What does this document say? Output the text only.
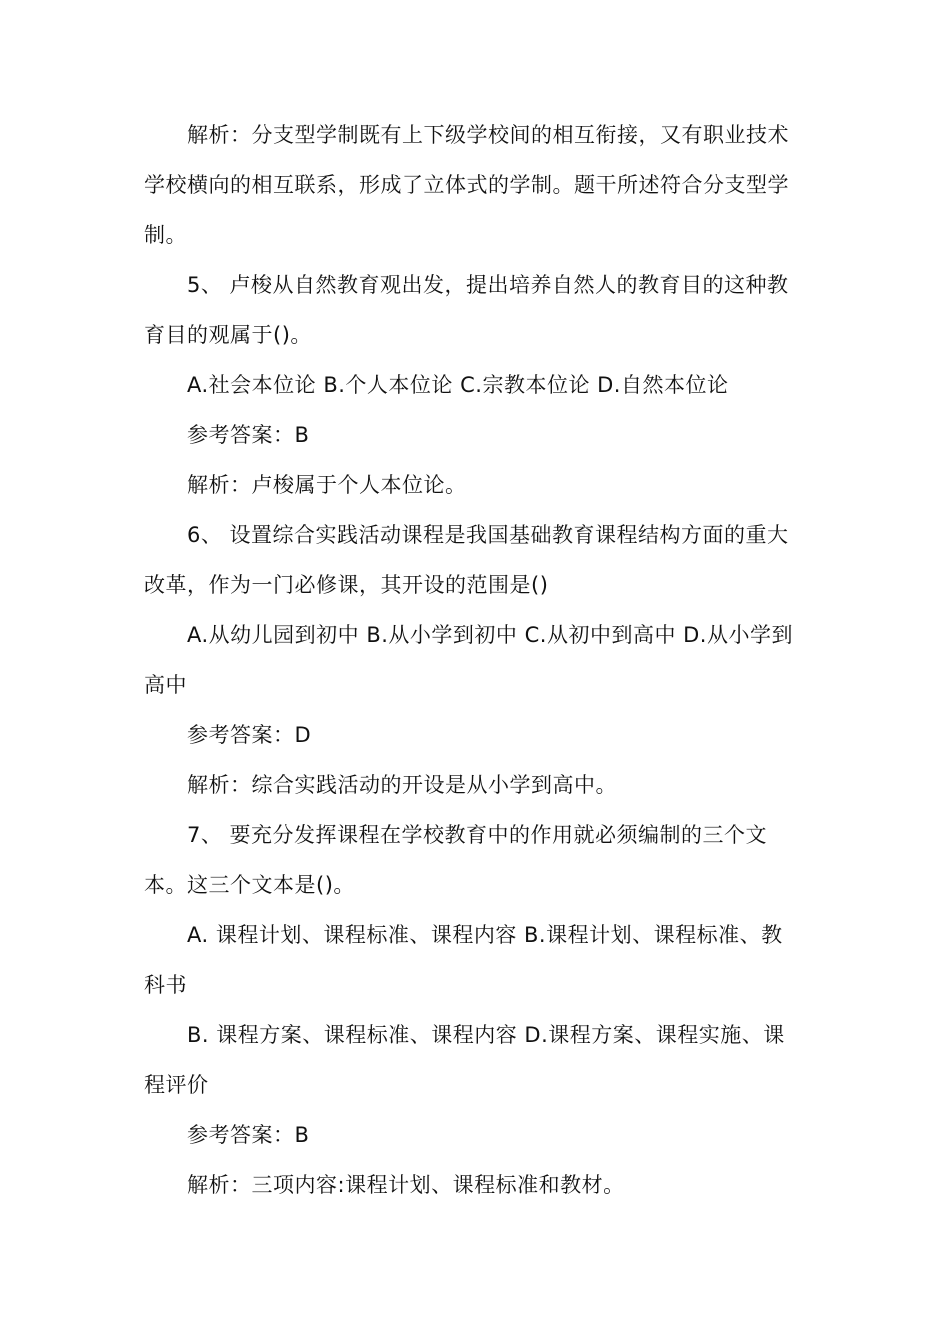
解析：分支型学制既有上下级学校间的相互衔接，又有职业技术
学校横向的相互联系，形成了立体式的学制。题干所述符合分支型学
制。
5、 卢梭从自然教育观出发，提出培养自然人的教育目的这种教
育目的观属于()。
A.社会本位论 B.个人本位论 C.宗教本位论 D.自然本位论
参考答案：B
解析：卢梭属于个人本位论。
6、 设置综合实践活动课程是我国基础教育课程结构方面的重大
改革，作为一门必修课，其开设的范围是()
A.从幼儿园到初中 B.从小学到初中 C.从初中到高中 D.从小学到
高中
参考答案：D
解析：综合实践活动的开设是从小学到高中。
7、 要充分发挥课程在学校教育中的作用就必须编制的三个文
本。这三个文本是()。
A. 课程计划、课程标准、课程内容 B.课程计划、课程标准、教
科书
B. 课程方案、课程标准、课程内容 D.课程方案、课程实施、课
程评价
参考答案：B
解析：三项内容:课程计划、课程标准和教材。
